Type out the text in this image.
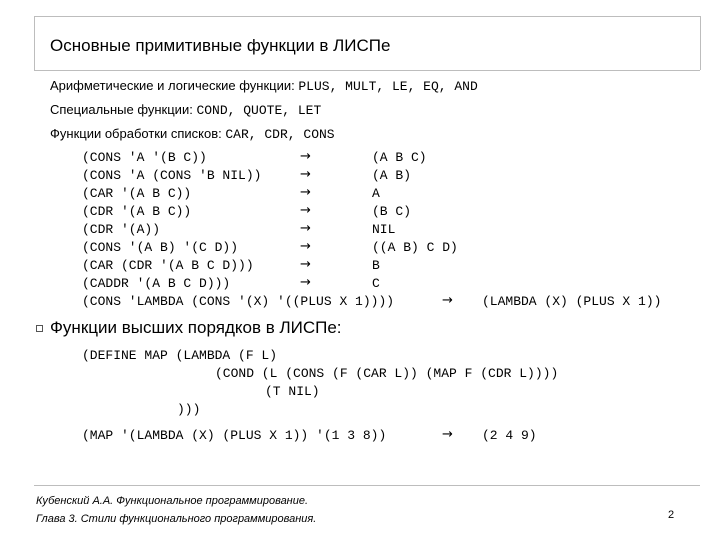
Основные примитивные функции в ЛИСПе
Арифметические и логические функции: PLUS, MULT, LE, EQ, AND
Специальные функции: COND, QUOTE, LET
Функции обработки списков: CAR, CDR, CONS
(CONS 'A '(B C))	→	(A B C)
(CONS 'A (CONS 'B NIL))	→	(A B)
(CAR '(A B C))	→	A
(CDR '(A B C))	→	(B C)
(CDR '(A))	→	NIL
(CONS '(A B) '(C D))	→	((A B) C D)
(CAR (CDR '(A B C D)))	→	B
(CADDR '(A B C D)))	→	C
(CONS 'LAMBDA (CONS '(X) '((PLUS X 1))))	→ (LAMBDA (X) (PLUS X 1))
Функции высших порядков в ЛИСПе:
(DEFINE MAP (LAMBDA (F L)
(COND (L (CONS (F (CAR L)) (MAP F (CDR L))))
(T NIL)
)))
(MAP '(LAMBDA (X) (PLUS X 1)) '(1 3 8))	→ (2 4 9)
Кубенский А.А. Функциональное программирование.
Глава 3. Стили функционального программирования.	2
